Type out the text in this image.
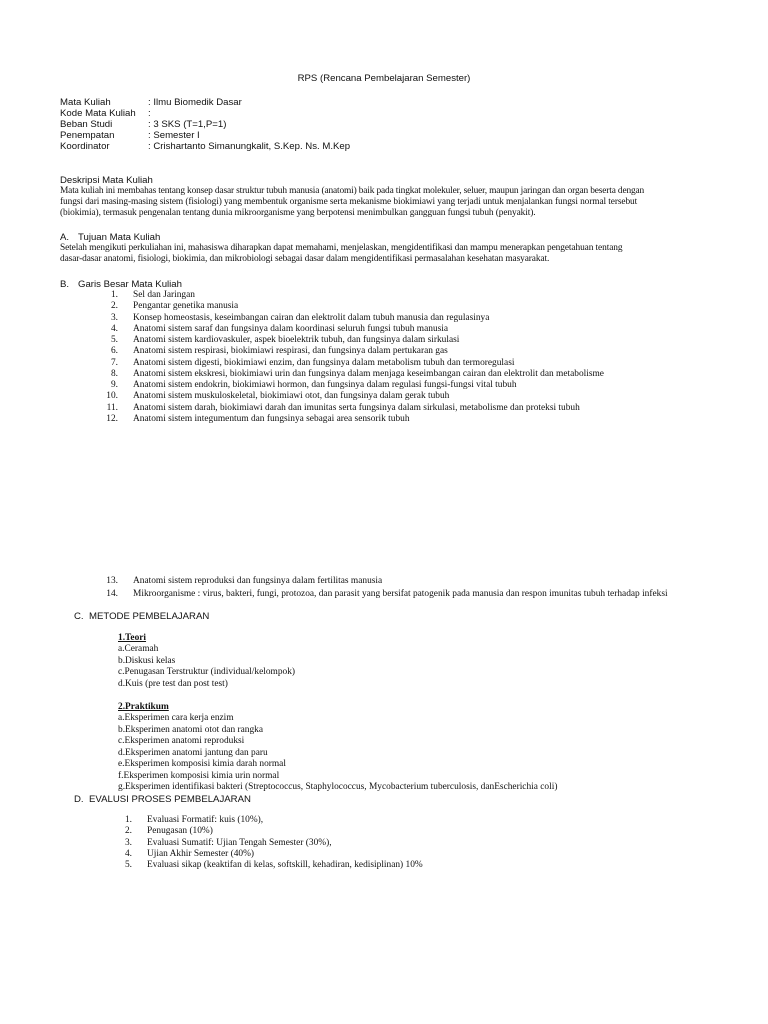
RPS (Rencana Pembelajaran Semester)
Mata Kuliah	: Ilmu Biomedik Dasar
Kode Mata Kuliah :
Beban Studi	: 3 SKS (T=1,P=1)
Penempatan	: Semester I
Koordinator	: Crishartanto Simanungkalit, S.Kep. Ns. M.Kep
Deskripsi Mata Kuliah
Mata kuliah ini membahas tentang konsep dasar struktur tubuh manusia (anatomi) baik pada tingkat molekuler, seluer, maupun jaringan dan organ beserta dengan
fungsi dari masing-masing sistem (fisiologi) yang membentuk organisme serta mekanisme biokimiawi yang terjadi untuk menjalankan fungsi normal tersebut
(biokimia), termasuk pengenalan tentang dunia mikroorganisme yang berpotensi menimbulkan gangguan fungsi tubuh (penyakit).
A. Tujuan Mata Kuliah
Setelah mengikuti perkuliahan ini, mahasiswa diharapkan dapat memahami, menjelaskan, mengidentifikasi dan mampu menerapkan pengetahuan tentang
dasar-dasar anatomi, fisiologi, biokimia, dan mikrobiologi sebagai dasar dalam mengidentifikasi permasalahan kesehatan masyarakat.
B. Garis Besar Mata Kuliah
1. Sel dan Jaringan
2. Pengantar genetika manusia
3. Konsep homeostasis, keseimbangan cairan dan elektrolit dalam tubuh manusia dan regulasinya
4. Anatomi sistem saraf dan fungsinya dalam koordinasi seluruh fungsi tubuh manusia
5. Anatomi sistem kardiovaskuler, aspek bioelektrik tubuh, dan fungsinya dalam sirkulasi
6. Anatomi sistem respirasi, biokimiawi respirasi, dan fungsinya dalam pertukaran gas
7. Anatomi sistem digesti, biokimiawi enzim, dan fungsinya dalam metabolism tubuh dan termoregulasi
8. Anatomi sistem ekskresi, biokimiawi urin dan fungsinya dalam menjaga keseimbangan cairan dan elektrolit dan metabolisme
9. Anatomi sistem endokrin, biokimiawi hormon, dan fungsinya dalam regulasi fungsi-fungsi vital tubuh
10. Anatomi sistem muskuloskeletal, biokimiawi otot, dan fungsinya dalam gerak tubuh
11. Anatomi sistem darah, biokimiawi darah dan imunitas serta fungsinya dalam sirkulasi, metabolisme dan proteksi tubuh
12. Anatomi sistem integumentum dan fungsinya sebagai area sensorik tubuh
13. Anatomi sistem reproduksi dan fungsinya dalam fertilitas manusia
14. Mikroorganisme : virus, bakteri, fungi, protozoa, dan parasit yang bersifat patogenik pada manusia dan respon imunitas tubuh terhadap infeksi
C. METODE PEMBELAJARAN
1.Teori
a.Ceramah
b.Diskusi kelas
c.Penugasan Terstruktur (individual/kelompok)
d.Kuis (pre test dan post test)
2.Praktikum
a.Eksperimen cara kerja enzim
b.Eksperimen anatomi otot dan rangka
c.Eksperimen anatomi reproduksi
d.Eksperimen anatomi jantung dan paru
e.Eksperimen komposisi kimia darah normal
f.Eksperimen komposisi kimia urin normal
g.Eksperimen identifikasi bakteri (Streptococcus, Staphylococcus, Mycobacterium tuberculosis, danEscherichia coli)
D. EVALUSI PROSES PEMBELAJARAN
1. Evaluasi Formatif: kuis (10%),
2. Penugasan (10%)
3. Evaluasi Sumatif: Ujian Tengah Semester (30%),
4. Ujian Akhir Semester (40%)
5. Evaluasi sikap (keaktifan di kelas, softskill, kehadiran, kedisiplinan) 10%
